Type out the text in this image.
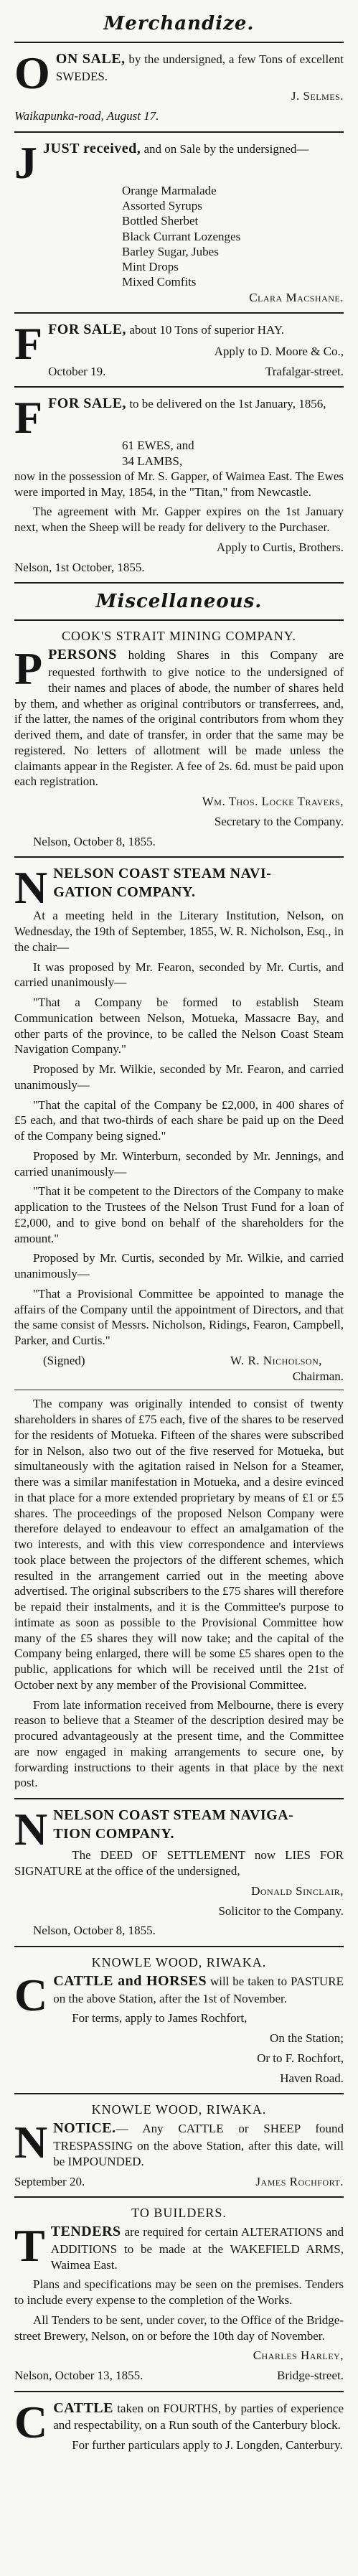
Merchandize.

OON SALE, by the undersigned, a few Tons of excellent SWEDES.

J. Selmes.

Waikapunka-road, August 17.

JJUST received, and on Sale by the undersigned—

Orange Marmalade
Assorted Syrups
Bottled Sherbet
Black Currant Lozenges
Barley Sugar, Jubes
Mint Drops
Mixed Comfits

Clara Macshane.

FFOR SALE, about 10 Tons of superior HAY.

Apply to D. Moore & Co.,

October 19.	Trafalgar-street.

FFOR SALE, to be delivered on the 1st January, 1856,

61 EWES, and
34 LAMBS,

now in the possession of Mr. S. Gapper, of Waimea East. The Ewes were imported in May, 1854, in the "Titan," from Newcastle.

The agreement with Mr. Gapper expires on the 1st January next, when the Sheep will be ready for delivery to the Purchaser.

Apply to Curtis, Brothers.

Nelson, 1st October, 1855.

Miscellaneous.
COOK'S STRAIT MINING COMPANY.

PPERSONS holding Shares in this Company are requested forthwith to give notice to the undersigned of their names and places of abode, the number of shares held by them, and whether as original contributors or transferrees, and, if the latter, the names of the original contributors from whom they derived them, and date of transfer, in order that the same may be registered. No letters of allotment will be made unless the claimants appear in the Register. A fee of 2s. 6d. must be paid upon each registration.

Wm. Thos. Locke Travers,

Secretary to the Company.

Nelson, October 8, 1855.

NNELSON COAST STEAM NAVI-
GATION COMPANY.

At a meeting held in the Literary Institution, Nelson, on Wednesday, the 19th of September, 1855, W. R. Nicholson, Esq., in the chair—

It was proposed by Mr. Fearon, seconded by Mr. Curtis, and carried unanimously—

"That a Company be formed to establish Steam Communication between Nelson, Motueka, Massacre Bay, and other parts of the province, to be called the Nelson Coast Steam Navigation Company."

Proposed by Mr. Wilkie, seconded by Mr. Fearon, and carried unanimously—

"That the capital of the Company be £2,000, in 400 shares of £5 each, and that two-thirds of each share be paid up on the Deed of the Company being signed."

Proposed by Mr. Winterburn, seconded by Mr. Jennings, and carried unanimously—

"That it be competent to the Directors of the Company to make application to the Trustees of the Nelson Trust Fund for a loan of £2,000, and to give bond on behalf of the shareholders for the amount."

Proposed by Mr. Curtis, seconded by Mr. Wilkie, and carried unanimously—

"That a Provisional Committee be appointed to manage the affairs of the Company until the appointment of Directors, and that the same consist of Messrs. Nicholson, Ridings, Fearon, Campbell, Parker, and Curtis."

(Signed)	W. R. Nicholson,

Chairman.

The company was originally intended to consist of twenty shareholders in shares of £75 each, five of the shares to be reserved for the residents of Motueka. Fifteen of the shares were subscribed for in Nelson, also two out of the five reserved for Motueka, but simultaneously with the agitation raised in Nelson for a Steamer, there was a similar manifestation in Motueka, and a desire evinced in that place for a more extended proprietary by means of £1 or £5 shares. The proceedings of the proposed Nelson Company were therefore delayed to endeavour to effect an amalgamation of the two interests, and with this view correspondence and interviews took place between the projectors of the different schemes, which resulted in the arrangement carried out in the meeting above advertised. The original subscribers to the £75 shares will therefore be repaid their instalments, and it is the Committee's purpose to intimate as soon as possible to the Provisional Committee how many of the £5 shares they will now take; and the capital of the Company being enlarged, there will be some £5 shares open to the public, applications for which will be received until the 21st of October next by any member of the Provisional Committee.

From late information received from Melbourne, there is every reason to believe that a Steamer of the description desired may be procured advantageously at the present time, and the Committee are now engaged in making arrangements to secure one, by forwarding instructions to their agents in that place by the next post.

NNELSON COAST STEAM NAVIGA-
TION COMPANY.

The DEED OF SETTLEMENT now LIES FOR SIGNATURE at the office of the undersigned,

Donald Sinclair,

Solicitor to the Company.

Nelson, October 8, 1855.

KNOWLE WOOD, RIWAKA.

CCATTLE and HORSES will be taken to PASTURE on the above Station, after the 1st of November.

For terms, apply to James Rochfort,

On the Station;

Or to F. Rochfort,

Haven Road.

KNOWLE WOOD, RIWAKA.

NNOTICE.— Any CATTLE or SHEEP found TRESPASSING on the above Station, after this date, will be IMPOUNDED.

September 20.	James Rochfort.
TO BUILDERS.

TTENDERS are required for certain ALTERATIONS and ADDITIONS to be made at the WAKEFIELD ARMS, Waimea East.

Plans and specifications may be seen on the premises. Tenders to include every expense to the completion of the Works.

All Tenders to be sent, under cover, to the Office of the Bridge-street Brewery, Nelson, on or before the 10th day of November.

Charles Harley,

Nelson, October 13, 1855.	Bridge-street.

CCATTLE taken on FOURTHS, by parties of experience and respectability, on a Run south of the Canterbury block.

For further particulars apply to J. Longden, Canterbury.
